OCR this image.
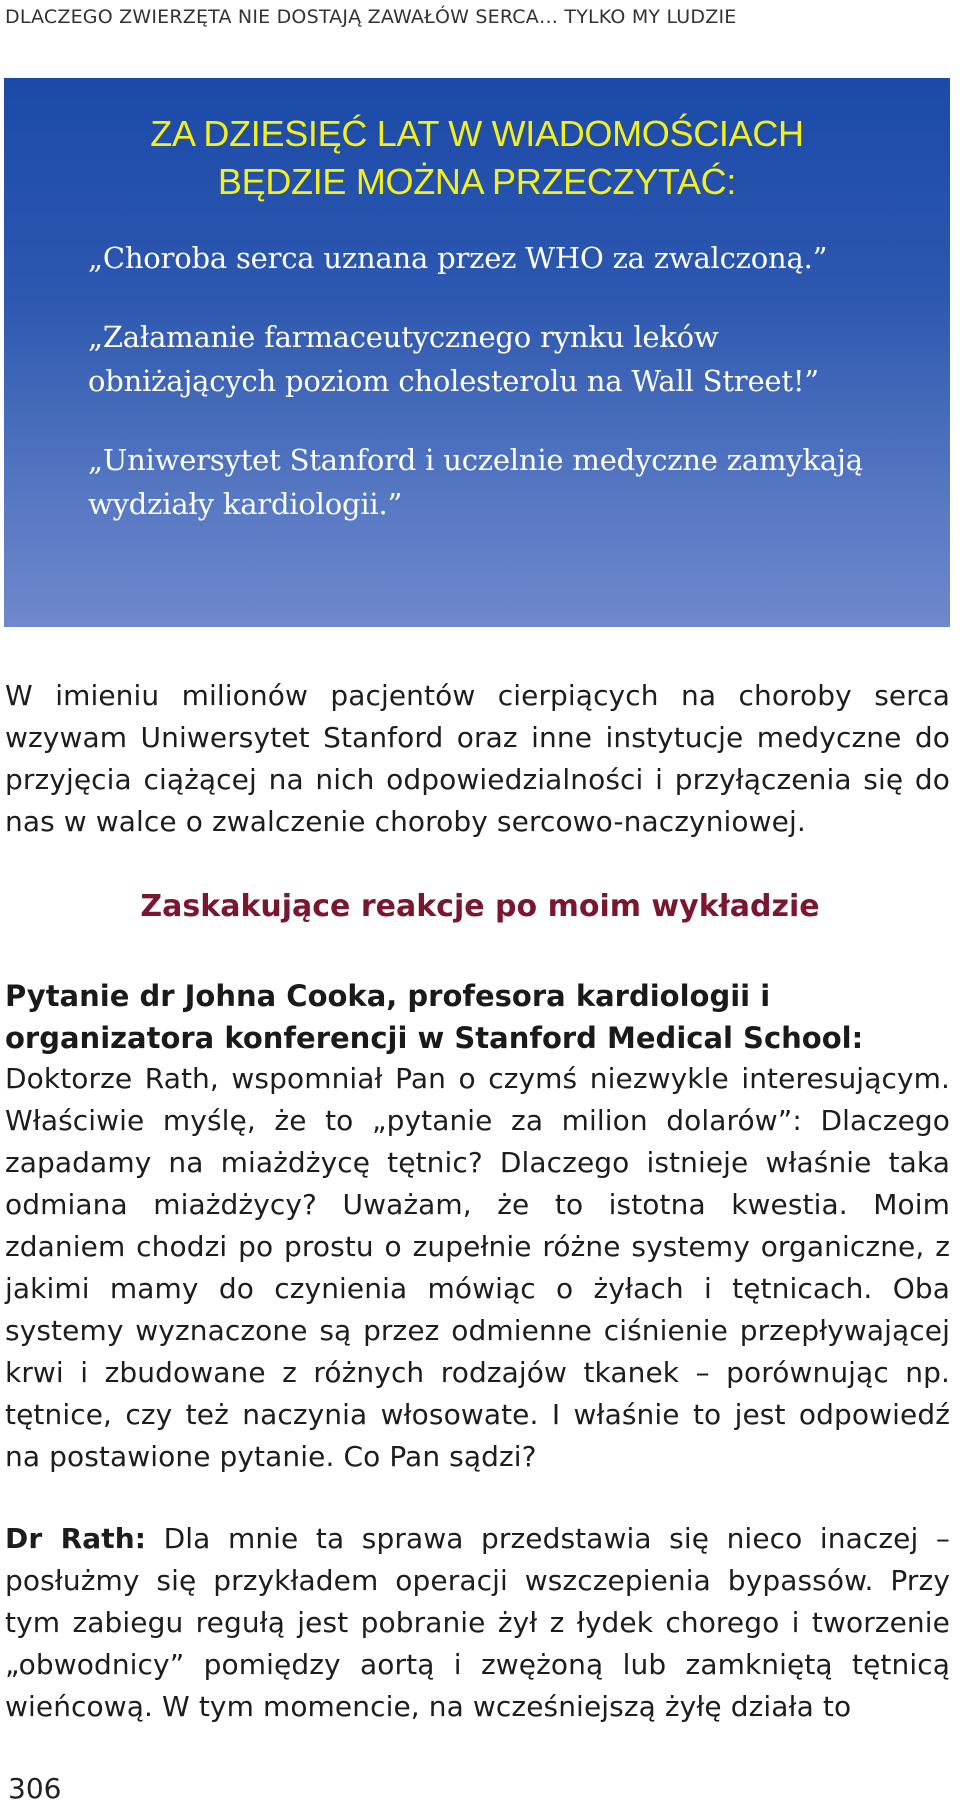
DLACZEGO ZWIERZĘTA NIE DOSTAJĄ ZAWAŁÓW SERCA… TYLKO MY LUDZIE
ZA DZIESIĘĆ LAT W WIADOMOŚCIACH
BĘDZIE MOŻNA PRZECZYTAĆ:

„Choroba serca uznana przez WHO za zwalczoną.”

„Załamanie farmaceutycznego rynku leków obniżających poziom cholesterolu na Wall Street!”

„Uniwersytet Stanford i uczelnie medyczne zamykają wydziały kardiologii.”

W imieniu milionów pacjentów cierpiących na choroby serca wzywam Uniwersytet Stanford oraz inne instytucje medyczne do przyjęcia ciążącej na nich odpowiedzialności i przyłączenia się do nas w walce o zwalczenie choroby sercowo-naczyniowej.

Zaskakujące reakcje po moim wykładzie

Pytanie dr Johna Cooka, profesora kardiologii i organizatora konferencji w Stanford Medical School:

Doktorze Rath, wspomniał Pan o czymś niezwykle interesującym. Właściwie myślę, że to „pytanie za milion dolarów”: Dlaczego zapadamy na miażdżycę tętnic? Dlaczego istnieje właśnie taka odmiana miażdżycy? Uważam, że to istotna kwestia. Moim zdaniem chodzi po prostu o zupełnie różne systemy organiczne, z jakimi mamy do czynienia mówiąc o żyłach i tętnicach. Oba systemy wyznaczone są przez odmienne ciśnienie przepływającej krwi i zbudowane z różnych rodzajów tkanek – porównując np. tętnice, czy też naczynia włosowate. I właśnie to jest odpowiedź na postawione pytanie. Co Pan sądzi?

Dr Rath: Dla mnie ta sprawa przedstawia się nieco inaczej – posłużmy się przykładem operacji wszczepienia bypassów. Przy tym zabiegu regułą jest pobranie żył z łydek chorego i tworzenie „obwodnicy” pomiędzy aortą i zwężoną lub zamkniętą tętnicą wieńcową. W tym momencie, na wcześniejszą żyłę działa to

306
